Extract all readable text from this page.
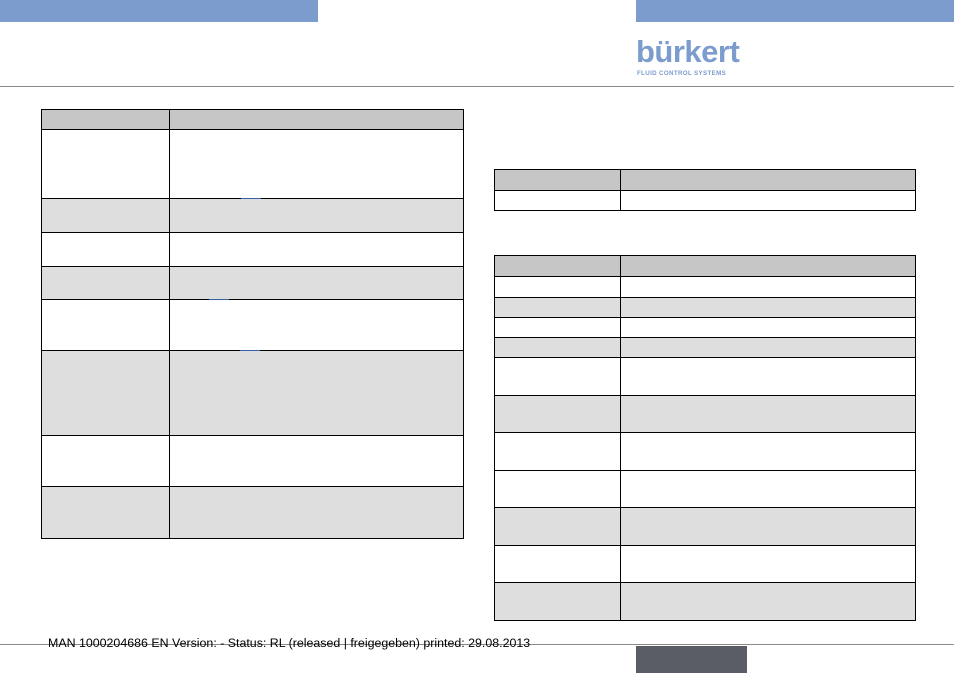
bürkert
FLUID CONTROL SYSTEMS

MAN 1000204686 EN Version: - Status: RL (released | freigegeben) printed: 29.08.2013
